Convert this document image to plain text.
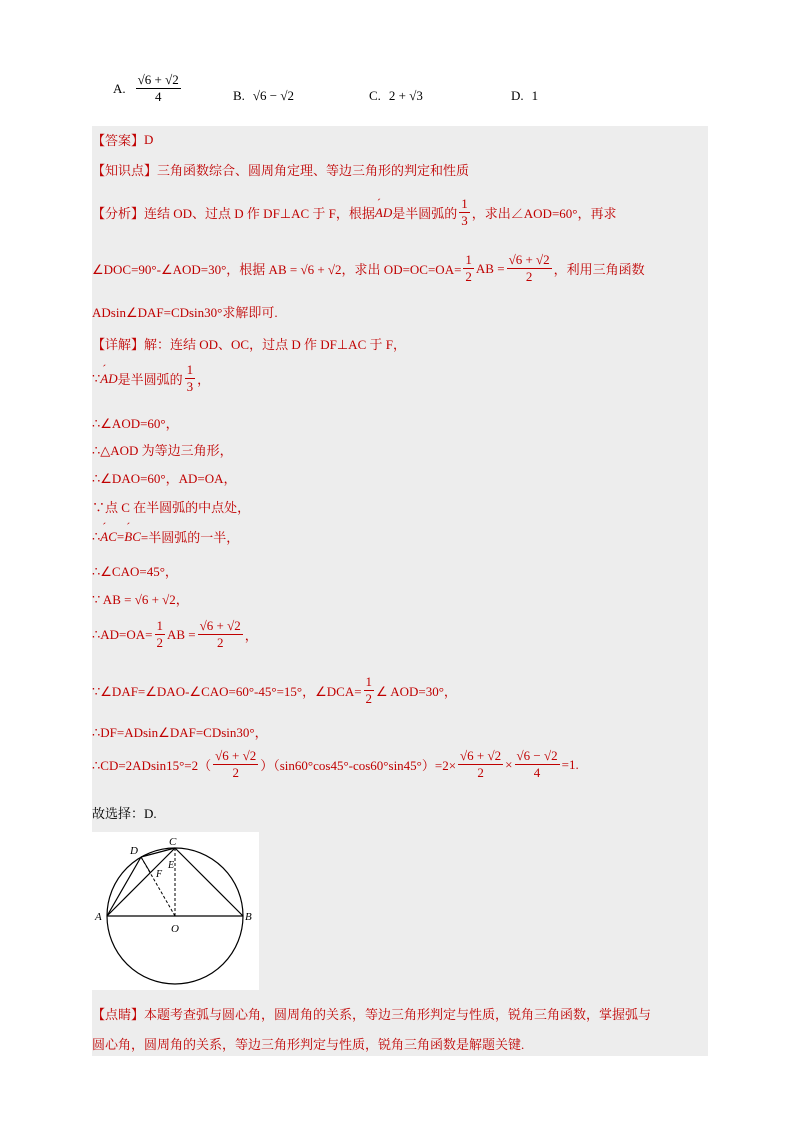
A. $\frac{√6 + √2}{4}$	B. √6 − √2	C. 2 + √3	D. 1
【答案】 D
【知识点】 三角函数综合、圆周角定理、等边三角形的判定和性质
【分析】 连结 OD、过点 D 作 DF⊥AC 于 F，根据 ˊ AD 是半圆弧的 $\frac{1}{3}$ ，求出∠AOD=60°，再求
∠DOC=90°-∠AOD=30°，根据 AB = √6 + √2，求出 $OD=OC=OA= \frac{1}{2}$ AB = $\frac{√6 + √2}{2}$ ，利用三角函数
ADsin∠DAF=CDsin30°求解即可.
【详解】 解：连结 OD、OC，过点 D 作 DF⊥AC 于 F，
∵ ˊ AD 是半圆弧的 $\frac{1}{3}$ ，
∴∠AOD=60°，
∴△AOD 为等边三角形，
∴∠DAO=60°，AD=OA，
∵点 C 在半圆弧的中点处，
∴ ˊ AC = ˊ BC =半圆弧的一半，
∴∠CAO=45°，
∵ AB = √6 + √2，
∴AD=OA= $\frac{1}{2}$ AB = $\frac{√6 + √2}{2}$ ，
∵∠DAF=∠DAO-∠CAO=60°-45°=15°，∠DCA= $\frac{1}{2}$ ∠ AOD=30°，
∴DF=ADsin∠DAF=CDsin30°，
∴CD=2ADsin15°=2（ $\frac{√6 + √2}{2} )(\sin 60^\circ\cos 45^\circ-\cos 60^\circ\sin 45^\circ)=2\times \frac{√6 + √2}{2} \times \frac{√6 - √2}{4} =1$.
故选择：D.
C
D
E
F
A
O
B
【点睛】 本题考查弧与圆心角，圆周角的关系，等边三角形判定与性质，锐角三角函数，掌握弧与
圆心角，圆周角的关系，等边三角形判定与性质，锐角三角函数是解题关键.
